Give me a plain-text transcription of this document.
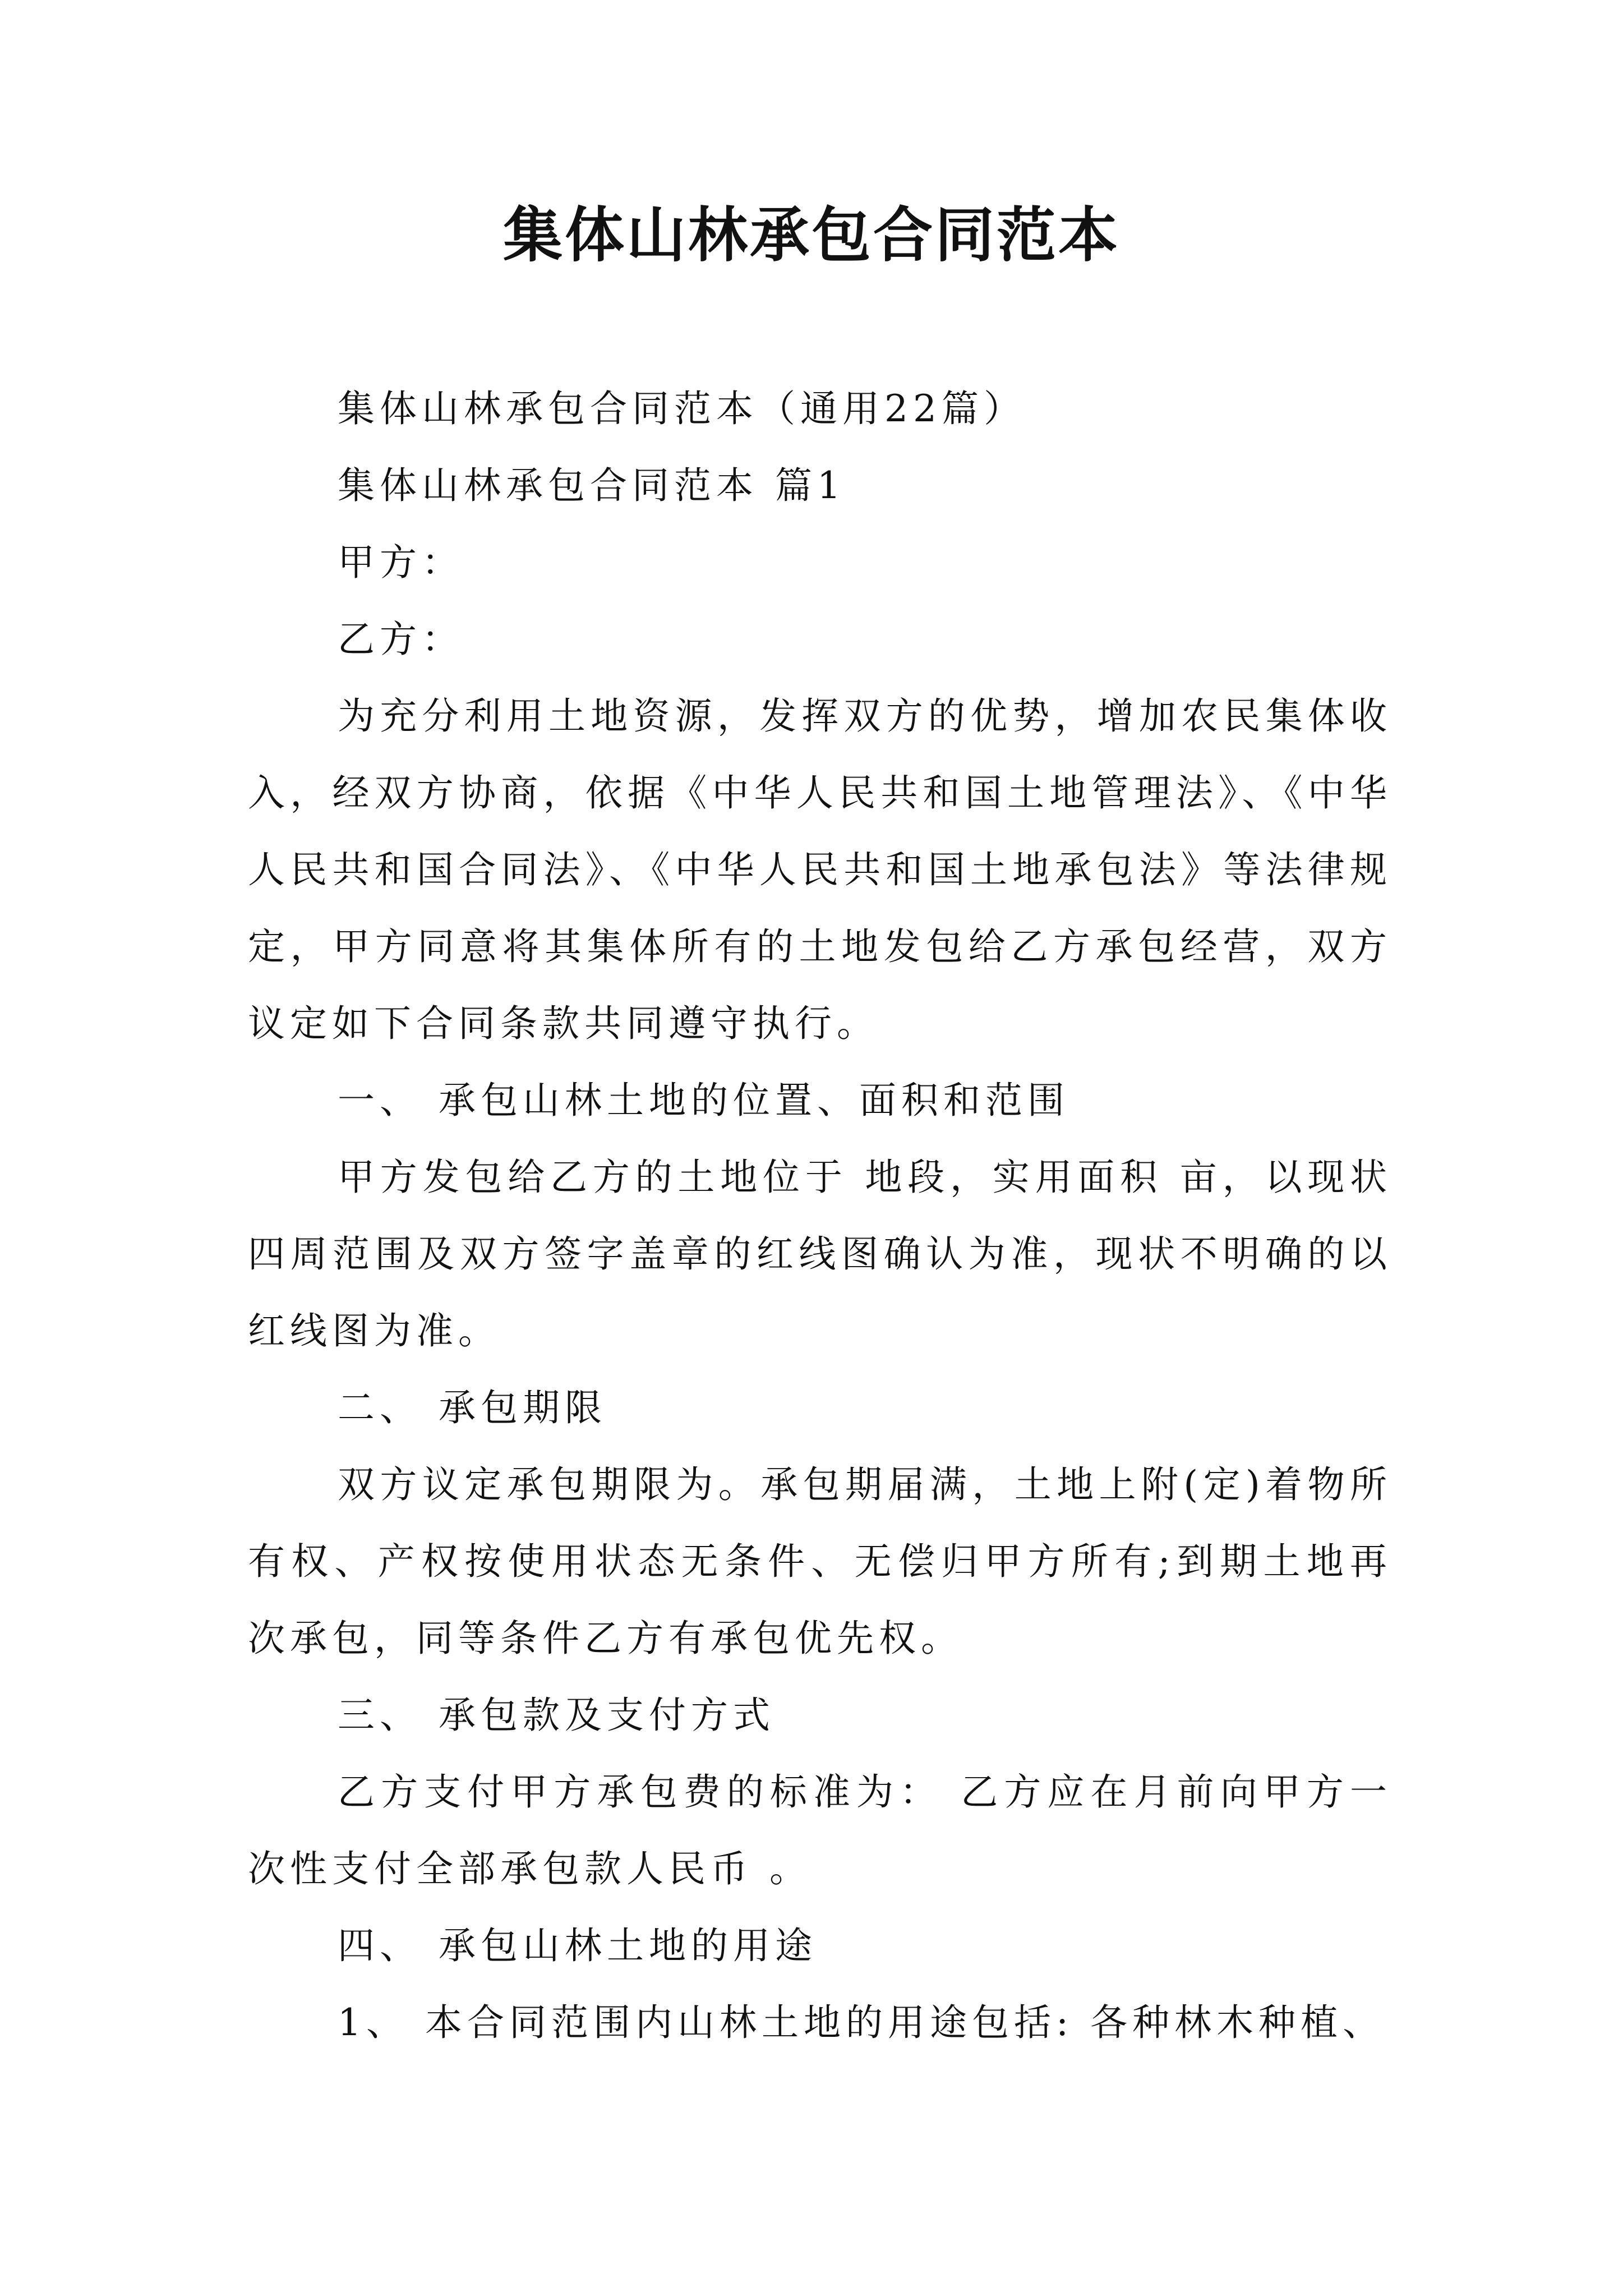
集体山林承包合同范本

集体山林承包合同范本（通用22篇）

集体山林承包合同范本 篇1

甲方：

乙方：

为充分利用土地资源，发挥双方的优势，增加农民集体收入，经双方协商，依据《中华人民共和国土地管理法》、《中华人民共和国合同法》、《中华人民共和国土地承包法》等法律规定，甲方同意将其集体所有的土地发包给乙方承包经营，双方议定如下合同条款共同遵守执行。

一、 承包山林土地的位置、面积和范围

甲方发包给乙方的土地位于 地段，实用面积 亩，以现状四周范围及双方签字盖章的红线图确认为准，现状不明确的以红线图为准。

二、 承包期限

双方议定承包期限为。承包期届满，土地上附(定)着物所有权、产权按使用状态无条件、无偿归甲方所有;到期土地再次承包，同等条件乙方有承包优先权。

三、 承包款及支付方式

乙方支付甲方承包费的标准为： 乙方应在月前向甲方一次性支付全部承包款人民币 。

四、 承包山林土地的用途

1、 本合同范围内山林土地的用途包括: 各种林木种植、
